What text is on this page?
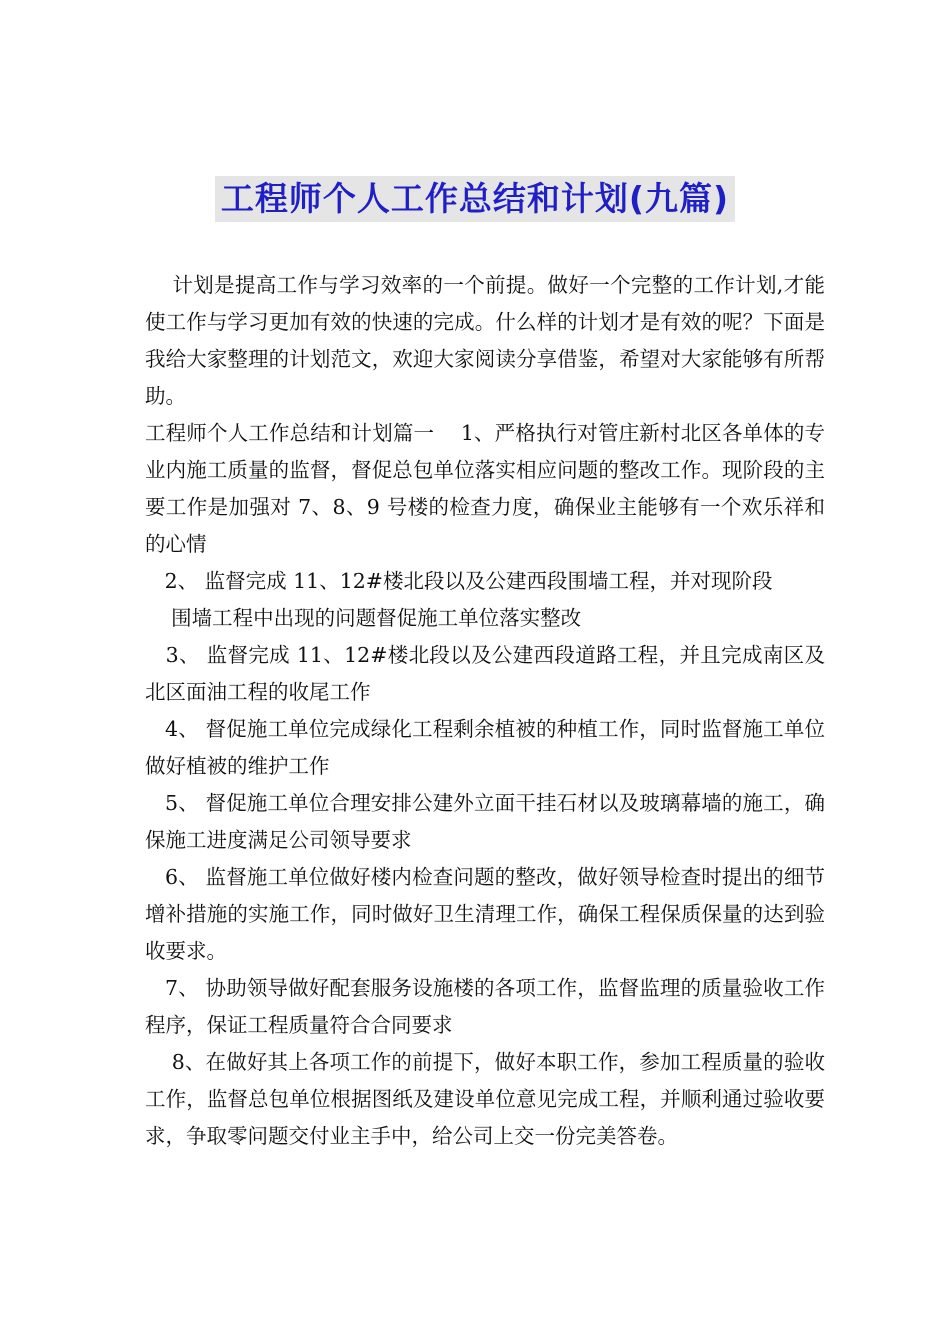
工程师个人工作总结和计划(九篇)

计划是提高工作与学习效率的一个前提。做好一个完整的工作计划,才能使工作与学习更加有效的快速的完成。什么样的计划才是有效的呢？下面是我给大家整理的计划范文，欢迎大家阅读分享借鉴，希望对大家能够有所帮助。

工程师个人工作总结和计划篇一    1、严格执行对管庄新村北区各单体的专业内施工质量的监督，督促总包单位落实相应问题的整改工作。现阶段的主要工作是加强对 7、8、9 号楼的检查力度，确保业主能够有一个欢乐祥和的心情

2、 监督完成 11、12#楼北段以及公建西段围墙工程，并对现阶段

围墙工程中出现的问题督促施工单位落实整改

3、 监督完成 11、12#楼北段以及公建西段道路工程，并且完成南区及北区面油工程的收尾工作

4、 督促施工单位完成绿化工程剩余植被的种植工作，同时监督施工单位做好植被的维护工作

5、 督促施工单位合理安排公建外立面干挂石材以及玻璃幕墙的施工，确保施工进度满足公司领导要求

6、 监督施工单位做好楼内检查问题的整改，做好领导检查时提出的细节增补措施的实施工作，同时做好卫生清理工作，确保工程保质保量的达到验收要求。

7、 协助领导做好配套服务设施楼的各项工作，监督监理的质量验收工作程序，保证工程质量符合合同要求

8、在做好其上各项工作的前提下，做好本职工作，参加工程质量的验收工作，监督总包单位根据图纸及建设单位意见完成工程，并顺利通过验收要求，争取零问题交付业主手中，给公司上交一份完美答卷。
